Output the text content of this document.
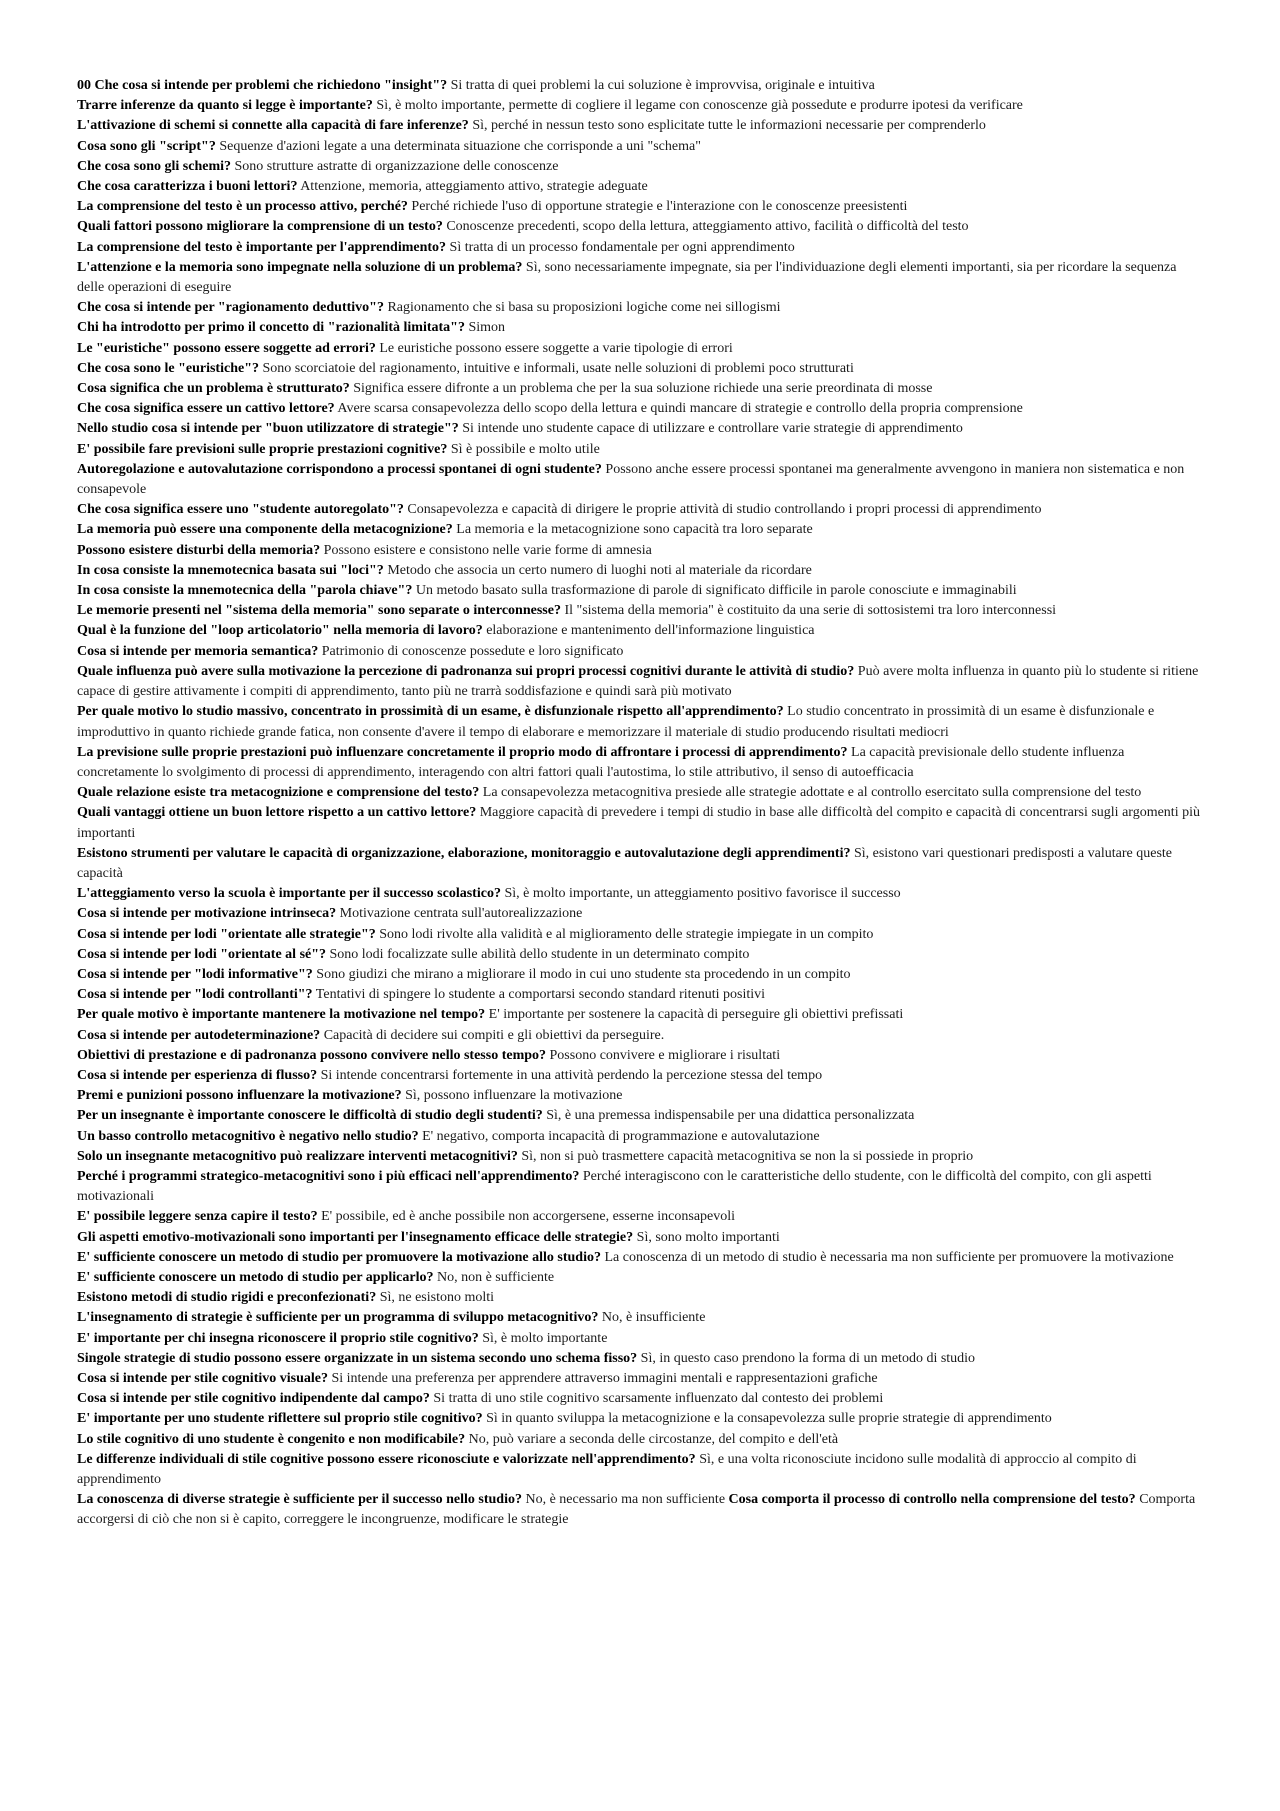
00 Che cosa si intende per problemi che richiedono "insight"? Si tratta di quei problemi la cui soluzione è improvvisa, originale e intuitiva

Trarre inferenze da quanto si legge è importante? Sì, è molto importante, permette di cogliere il legame con conoscenze già possedute e produrre ipotesi da verificare

L'attivazione di schemi si connette alla capacità di fare inferenze? Sì, perché in nessun testo sono esplicitate tutte le informazioni necessarie per comprenderlo

Cosa sono gli "script"? Sequenze d'azioni legate a una determinata situazione che corrisponde a uni "schema"

Che cosa sono gli schemi? Sono strutture astratte di organizzazione delle conoscenze

Che cosa caratterizza i buoni lettori? Attenzione, memoria, atteggiamento attivo, strategie adeguate

La comprensione del testo è un processo attivo, perché? Perché richiede l'uso di opportune strategie e l'interazione con le conoscenze preesistenti

Quali fattori possono migliorare la comprensione di un testo? Conoscenze precedenti, scopo della lettura, atteggiamento attivo, facilità o difficoltà del testo

La comprensione del testo è importante per l'apprendimento? Sì tratta di un processo fondamentale per ogni apprendimento

L'attenzione e la memoria sono impegnate nella soluzione di un problema? Sì, sono necessariamente impegnate, sia per l'individuazione degli elementi importanti, sia per ricordare la sequenza delle operazioni di eseguire

Che cosa si intende per "ragionamento deduttivo"? Ragionamento che si basa su proposizioni logiche come nei sillogismi

Chi ha introdotto per primo il concetto di "razionalità limitata"? Simon

Le "euristiche" possono essere soggette ad errori? Le euristiche possono essere soggette a varie tipologie di errori

Che cosa sono le "euristiche"? Sono scorciatoie del ragionamento, intuitive e informali, usate nelle soluzioni di problemi poco strutturati

Cosa significa che un problema è strutturato? Significa essere difronte a un problema che per la sua soluzione richiede una serie preordinata di mosse

Che cosa significa essere un cattivo lettore? Avere scarsa consapevolezza dello scopo della lettura e quindi mancare di strategie e controllo della propria comprensione

Nello studio cosa si intende per "buon utilizzatore di strategie"? Si intende uno studente capace di utilizzare e controllare varie strategie di apprendimento

E' possibile fare previsioni sulle proprie prestazioni cognitive? Sì è possibile e molto utile

Autoregolazione e autovalutazione corrispondono a processi spontanei di ogni studente? Possono anche essere processi spontanei ma generalmente avvengono in maniera non sistematica e non consapevole

Che cosa significa essere uno "studente autoregolato"? Consapevolezza e capacità di dirigere le proprie attività di studio controllando i propri processi di apprendimento

La memoria può essere una componente della metacognizione? La memoria e la metacognizione sono capacità tra loro separate

Possono esistere disturbi della memoria? Possono esistere e consistono nelle varie forme di amnesia

In cosa consiste la mnemotecnica basata sui "loci"? Metodo che associa un certo numero di luoghi noti al materiale da ricordare

In cosa consiste la mnemotecnica della "parola chiave"? Un metodo basato sulla trasformazione di parole di significato difficile in parole conosciute e immaginabili

Le memorie presenti nel "sistema della memoria" sono separate o interconnesse? Il "sistema della memoria" è costituito da una serie di sottosistemi tra loro interconnessi

Qual è la funzione del "loop articolatorio" nella memoria di lavoro? elaborazione e mantenimento dell'informazione linguistica

Cosa si intende per memoria semantica? Patrimonio di conoscenze possedute e loro significato

Quale influenza può avere sulla motivazione la percezione di padronanza sui propri processi cognitivi durante le attività di studio? Può avere molta influenza in quanto più lo studente si ritiene capace di gestire attivamente i compiti di apprendimento, tanto più ne trarrà soddisfazione e quindi sarà più motivato

Per quale motivo lo studio massivo, concentrato in prossimità di un esame, è disfunzionale rispetto all'apprendimento? Lo studio concentrato in prossimità di un esame è disfunzionale e improduttivo in quanto richiede grande fatica, non consente d'avere il tempo di elaborare e memorizzare il materiale di studio producendo risultati mediocri

La previsione sulle proprie prestazioni può influenzare concretamente il proprio modo di affrontare i processi di apprendimento? La capacità previsionale dello studente influenza concretamente lo svolgimento di processi di apprendimento, interagendo con altri fattori quali l'autostima, lo stile attributivo, il senso di autoefficacia

Quale relazione esiste tra metacognizione e comprensione del testo? La consapevolezza metacognitiva presiede alle strategie adottate e al controllo esercitato sulla comprensione del testo

Quali vantaggi ottiene un buon lettore rispetto a un cattivo lettore? Maggiore capacità di prevedere i tempi di studio in base alle difficoltà del compito e capacità di concentrarsi sugli argomenti più importanti

Esistono strumenti per valutare le capacità di organizzazione, elaborazione, monitoraggio e autovalutazione degli apprendimenti? Sì, esistono vari questionari predisposti a valutare queste capacità

L'atteggiamento verso la scuola è importante per il successo scolastico? Sì, è molto importante, un atteggiamento positivo favorisce il successo

Cosa si intende per motivazione intrinseca? Motivazione centrata sull'autorealizzazione

Cosa si intende per lodi "orientate alle strategie"? Sono lodi rivolte alla validità e al miglioramento delle strategie impiegate in un compito

Cosa si intende per lodi "orientate al sé"? Sono lodi focalizzate sulle abilità dello studente in un determinato compito

Cosa si intende per "lodi informative"? Sono giudizi che mirano a migliorare il modo in cui uno studente sta procedendo in un compito

Cosa si intende per "lodi controllanti"? Tentativi di spingere lo studente a comportarsi secondo standard ritenuti positivi

Per quale motivo è importante mantenere la motivazione nel tempo? E' importante per sostenere la capacità di perseguire gli obiettivi prefissati

Cosa si intende per autodeterminazione? Capacità di decidere sui compiti e gli obiettivi da perseguire.

Obiettivi di prestazione e di padronanza possono convivere nello stesso tempo? Possono convivere e migliorare i risultati

Cosa si intende per esperienza di flusso? Si intende concentrarsi fortemente in una attività perdendo la percezione stessa del tempo

Premi e punizioni possono influenzare la motivazione? Sì, possono influenzare la motivazione

Per un insegnante è importante conoscere le difficoltà di studio degli studenti? Sì, è una premessa indispensabile per una didattica personalizzata

Un basso controllo metacognitivo è negativo nello studio? E' negativo, comporta incapacità di programmazione e autovalutazione

Solo un insegnante metacognitivo può realizzare interventi metacognitivi? Sì, non si può trasmettere capacità metacognitiva se non la si possiede in proprio

Perché i programmi strategico-metacognitivi sono i più efficaci nell'apprendimento? Perché interagiscono con le caratteristiche dello studente, con le difficoltà del compito, con gli aspetti motivazionali

E' possibile leggere senza capire il testo? E' possibile, ed è anche possibile non accorgersene, esserne inconsapevoli

Gli aspetti emotivo-motivazionali sono importanti per l'insegnamento efficace delle strategie? Sì, sono molto importanti

E' sufficiente conoscere un metodo di studio per promuovere la motivazione allo studio? La conoscenza di un metodo di studio è necessaria ma non sufficiente per promuovere la motivazione

E' sufficiente conoscere un metodo di studio per applicarlo? No, non è sufficiente

Esistono metodi di studio rigidi e preconfezionati? Sì, ne esistono molti

L'insegnamento di strategie è sufficiente per un programma di sviluppo metacognitivo? No, è insufficiente

E' importante per chi insegna riconoscere il proprio stile cognitivo? Sì, è molto importante

Singole strategie di studio possono essere organizzate in un sistema secondo uno schema fisso? Sì, in questo caso prendono la forma di un metodo di studio

Cosa si intende per stile cognitivo visuale? Si intende una preferenza per apprendere attraverso immagini mentali e rappresentazioni grafiche

Cosa si intende per stile cognitivo indipendente dal campo? Si tratta di uno stile cognitivo scarsamente influenzato dal contesto dei problemi

E' importante per uno studente riflettere sul proprio stile cognitivo? Sì in quanto sviluppa la metacognizione e la consapevolezza sulle proprie strategie di apprendimento

Lo stile cognitivo di uno studente è congenito e non modificabile? No, può variare a seconda delle circostanze, del compito e dell'età

Le differenze individuali di stile cognitive possono essere riconosciute e valorizzate nell'apprendimento? Sì, e una volta riconosciute incidono sulle modalità di approccio al compito di apprendimento

La conoscenza di diverse strategie è sufficiente per il successo nello studio? No, è necessario ma non sufficiente Cosa comporta il processo di controllo nella comprensione del testo? Comporta accorgersi di ciò che non si è capito, correggere le incongruenze, modificare le strategie
